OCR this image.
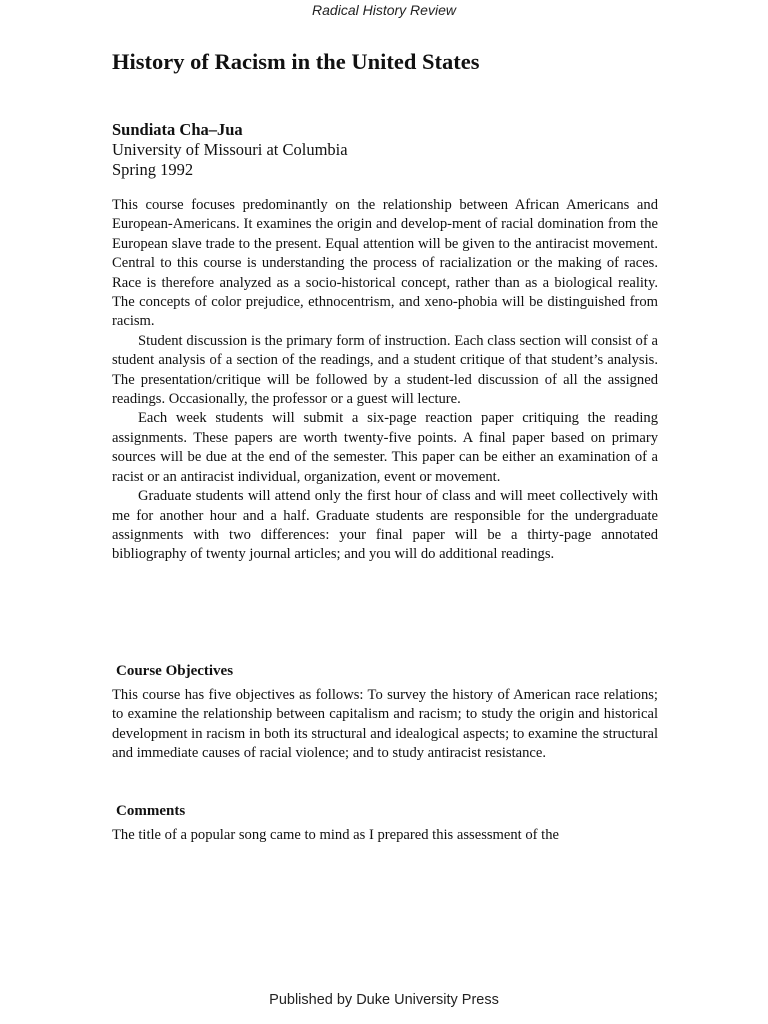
Radical History Review
History of Racism in the United States
Sundiata Cha–Jua
University of Missouri at Columbia
Spring 1992

This course focuses predominantly on the relationship between African Americans and European-Americans. It examines the origin and develop-ment of racial domination from the European slave trade to the present. Equal attention will be given to the antiracist movement. Central to this course is understanding the process of racialization or the making of races. Race is therefore analyzed as a socio-historical concept, rather than as a biological reality. The concepts of color prejudice, ethnocentrism, and xeno-phobia will be distinguished from racism.

Student discussion is the primary form of instruction. Each class section will consist of a student analysis of a section of the readings, and a student critique of that student’s analysis. The presentation/critique will be followed by a student-led discussion of all the assigned readings. Occasionally, the professor or a guest will lecture.

Each week students will submit a six-page reaction paper critiquing the reading assignments. These papers are worth twenty-five points. A final paper based on primary sources will be due at the end of the semester. This paper can be either an examination of a racist or an antiracist individual, organization, event or movement.

Graduate students will attend only the first hour of class and will meet collectively with me for another hour and a half. Graduate students are responsible for the undergraduate assignments with two differences: your final paper will be a thirty-page annotated bibliography of twenty journal articles; and you will do additional readings.

Course Objectives

This course has five objectives as follows: To survey the history of American race relations; to examine the relationship between capitalism and racism; to study the origin and historical development in racism in both its structural and idealogical aspects; to examine the structural and immediate causes of racial violence; and to study antiracist resistance.

Comments

The title of a popular song came to mind as I prepared this assessment of the

Published by Duke University Press
